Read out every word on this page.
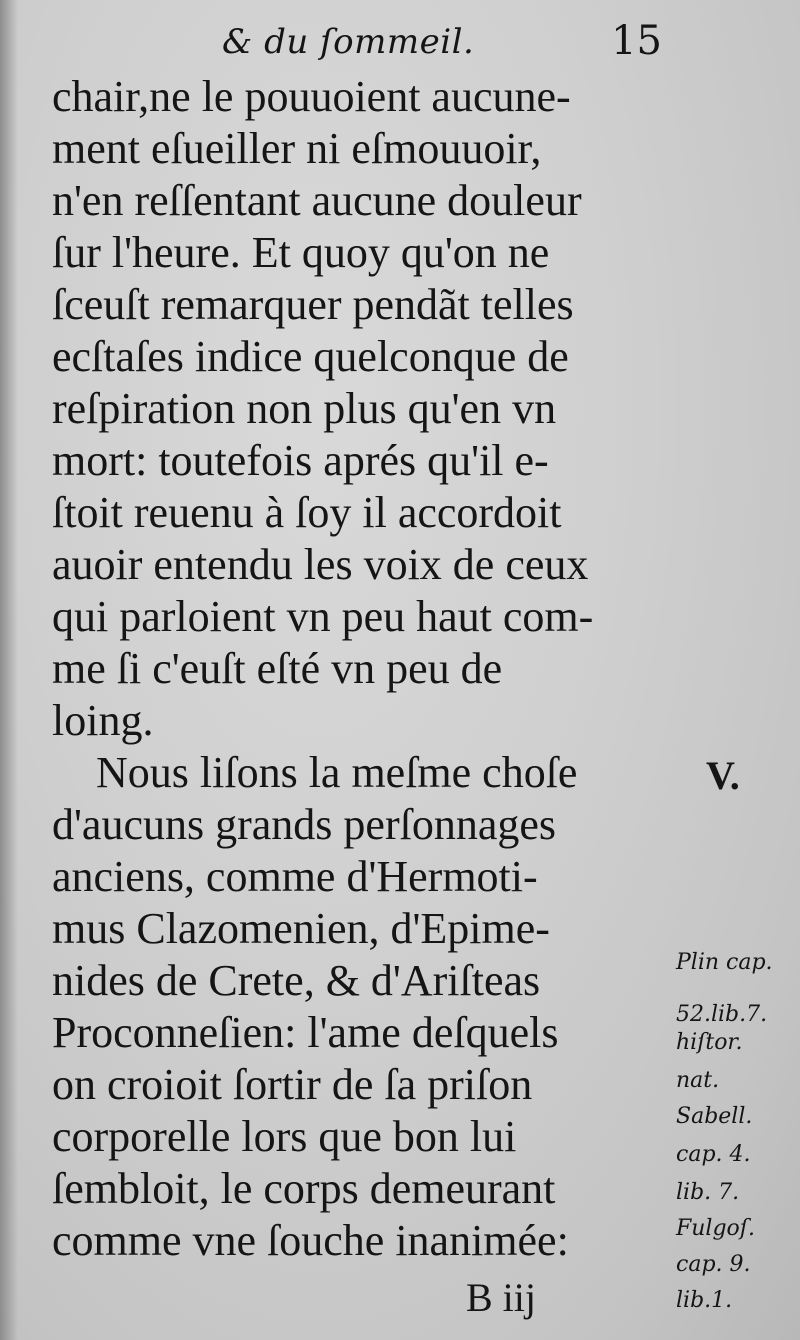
& du ſommeil.	15
chair,ne le pouuoient aucune-
ment eſueiller ni eſmouuoir,
n'en reſſentant aucune douleur
ſur l'heure. Et quoy qu'on ne
ſceuſt remarquer pendãt telles
ecſtaſes indice quelconque de
reſpiration non plus qu'en vn
mort: toutefois aprés qu'il e-
ſtoit reuenu à ſoy il accordoit
auoir entendu les voix de ceux
qui parloient vn peu haut com-
me ſi c'euſt eſté vn peu de
loing.
Nous liſons la meſme choſe
d'aucuns grands perſonnages
anciens, comme d'Hermoti-
mus Clazomenien, d'Epime-
nides de Crete, & d'Ariſteas
Proconneſien: l'ame deſquels
on croioit ſortir de ſa priſon
corporelle lors que bon lui
ſembloit, le corps demeurant
comme vne ſouche inanimée:
V.
Plin cap.
52.lib.7.
hiſtor.
nat.
Sabell.
cap. 4.
lib. 7.
Fulgoſ.
cap. 9.
lib.1.
B iij
